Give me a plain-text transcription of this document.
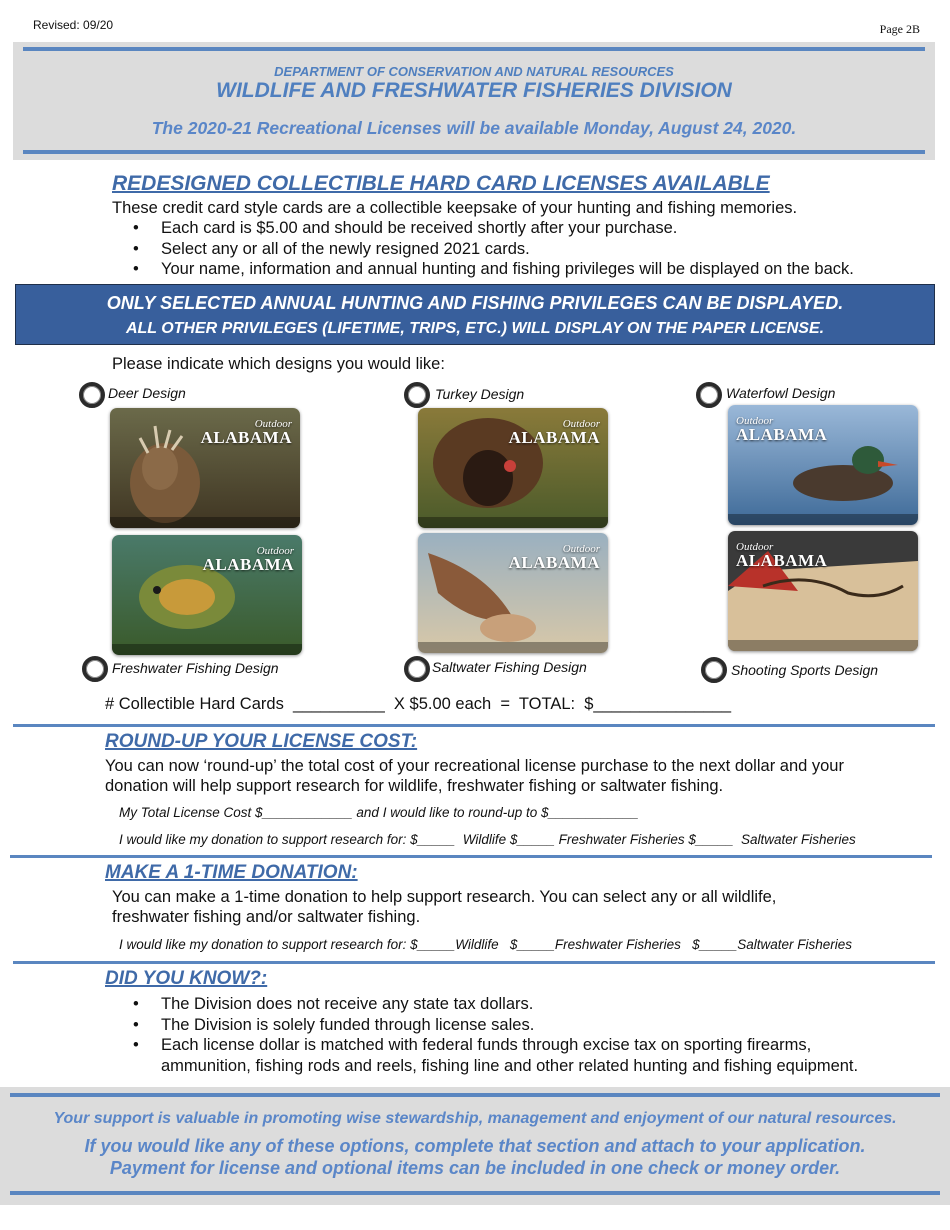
Revised: 09/20	Page 2B
DEPARTMENT OF CONSERVATION AND NATURAL RESOURCES
WILDLIFE AND FRESHWATER FISHERIES DIVISION
The 2020-21 Recreational Licenses will be available Monday, August 24, 2020.
REDESIGNED COLLECTIBLE HARD CARD LICENSES AVAILABLE
These credit card style cards are a collectible keepsake of your hunting and fishing memories.
• Each card is $5.00 and should be received shortly after your purchase.
• Select any or all of the newly resigned 2021 cards.
• Your name, information and annual hunting and fishing privileges will be displayed on the back.
ONLY SELECTED ANNUAL HUNTING AND FISHING PRIVILEGES CAN BE DISPLAYED.
ALL OTHER PRIVILEGES (LIFETIME, TRIPS, ETC.) WILL DISPLAY ON THE PAPER LICENSE.
Please indicate which designs you would like:
Deer Design	Turkey Design	Waterfowl Design
Outdoor
ALABAMA
Outdoor
ALABAMA
Outdoor
ALABAMA
Outdoor
ALABAMA
Outdoor
ALABAMA
Outdoor
ALABAMA
Freshwater Fishing Design	Saltwater Fishing Design	Shooting Sports Design
# Collectible Hard Cards  __________  X $5.00 each  =  TOTAL:  $_______________
ROUND-UP YOUR LICENSE COST:
You can now ‘round-up’ the total cost of your recreational license purchase to the next dollar and your
donation will help support research for wildlife, freshwater fishing or saltwater fishing.
My Total License Cost $____________ and I would like to round-up to $____________
I would like my donation to support research for: $_____  Wildlife $_____ Freshwater Fisheries $_____  Saltwater Fisheries
MAKE A 1-TIME DONATION:
You can make a 1-time donation to help support research. You can select any or all wildlife,
freshwater fishing and/or saltwater fishing.
I would like my donation to support research for: $_____Wildlife   $_____Freshwater Fisheries   $_____Saltwater Fisheries
DID YOU KNOW?:
• The Division does not receive any state tax dollars.
• The Division is solely funded through license sales.
• Each license dollar is matched with federal funds through excise tax on sporting firearms,
ammunition, fishing rods and reels, fishing line and other related hunting and fishing equipment.
Your support is valuable in promoting wise stewardship, management and enjoyment of our natural resources.
If you would like any of these options, complete that section and attach to your application.
Payment for license and optional items can be included in one check or money order.
